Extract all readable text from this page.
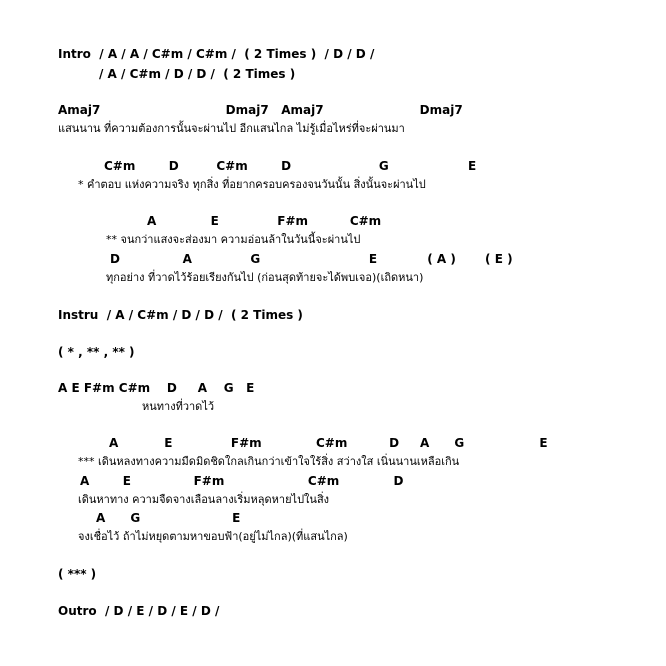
Intro  / A / A / C#m / C#m /  ( 2 Times )  / D / D /
/ A / C#m / D / D /  ( 2 Times )
Amaj7                              Dmaj7   Amaj7                       Dmaj7
แสนนาน ที่ความต้องการนั้นจะผ่านไป อีกแสนไกล ไม่รู้เมื่อไหร่ที่จะผ่านมา
C#m        D         C#m        D                     G                   E
* คำตอบ แห่งความจริง ทุกสิ่ง ที่อยากครอบครองจนวันนั้น สิ่งนั้นจะผ่านไป
A             E              F#m          C#m
** จนกว่าแสงจะส่องมา ความอ่อนล้าในวันนี้จะผ่านไป
D               A              G                          E            ( A )       ( E )
ทุกอย่าง ที่วาดไว้ร้อยเรียงกันไป (ก่อนสุดท้ายจะได้พบเจอ)(เถิดหนา)
Instru  / A / C#m / D / D /  ( 2 Times )
( * , ** , ** )
A E F#m C#m    D     A    G   E
หนทางที่วาดไว้
A           E              F#m             C#m          D     A      G                  E
*** เดินหลงทางความมืดมิดชิดใกลเกินกว่าเข้าใจใร้สิ่ง สว่างใส เนิ่นนานเหลือเกิน
A        E               F#m                    C#m             D
เดินหาทาง ความจืดจางเลือนลางเริ่มหลุดหายไปในสิ่ง
A      G                      E
จงเชื่อไว้ ถ้าไม่หยุดตามหาขอบฟ้า(อยู่ไม่ไกล)(ที่แสนไกล)
( *** )
Outro  / D / E / D / E / D /
